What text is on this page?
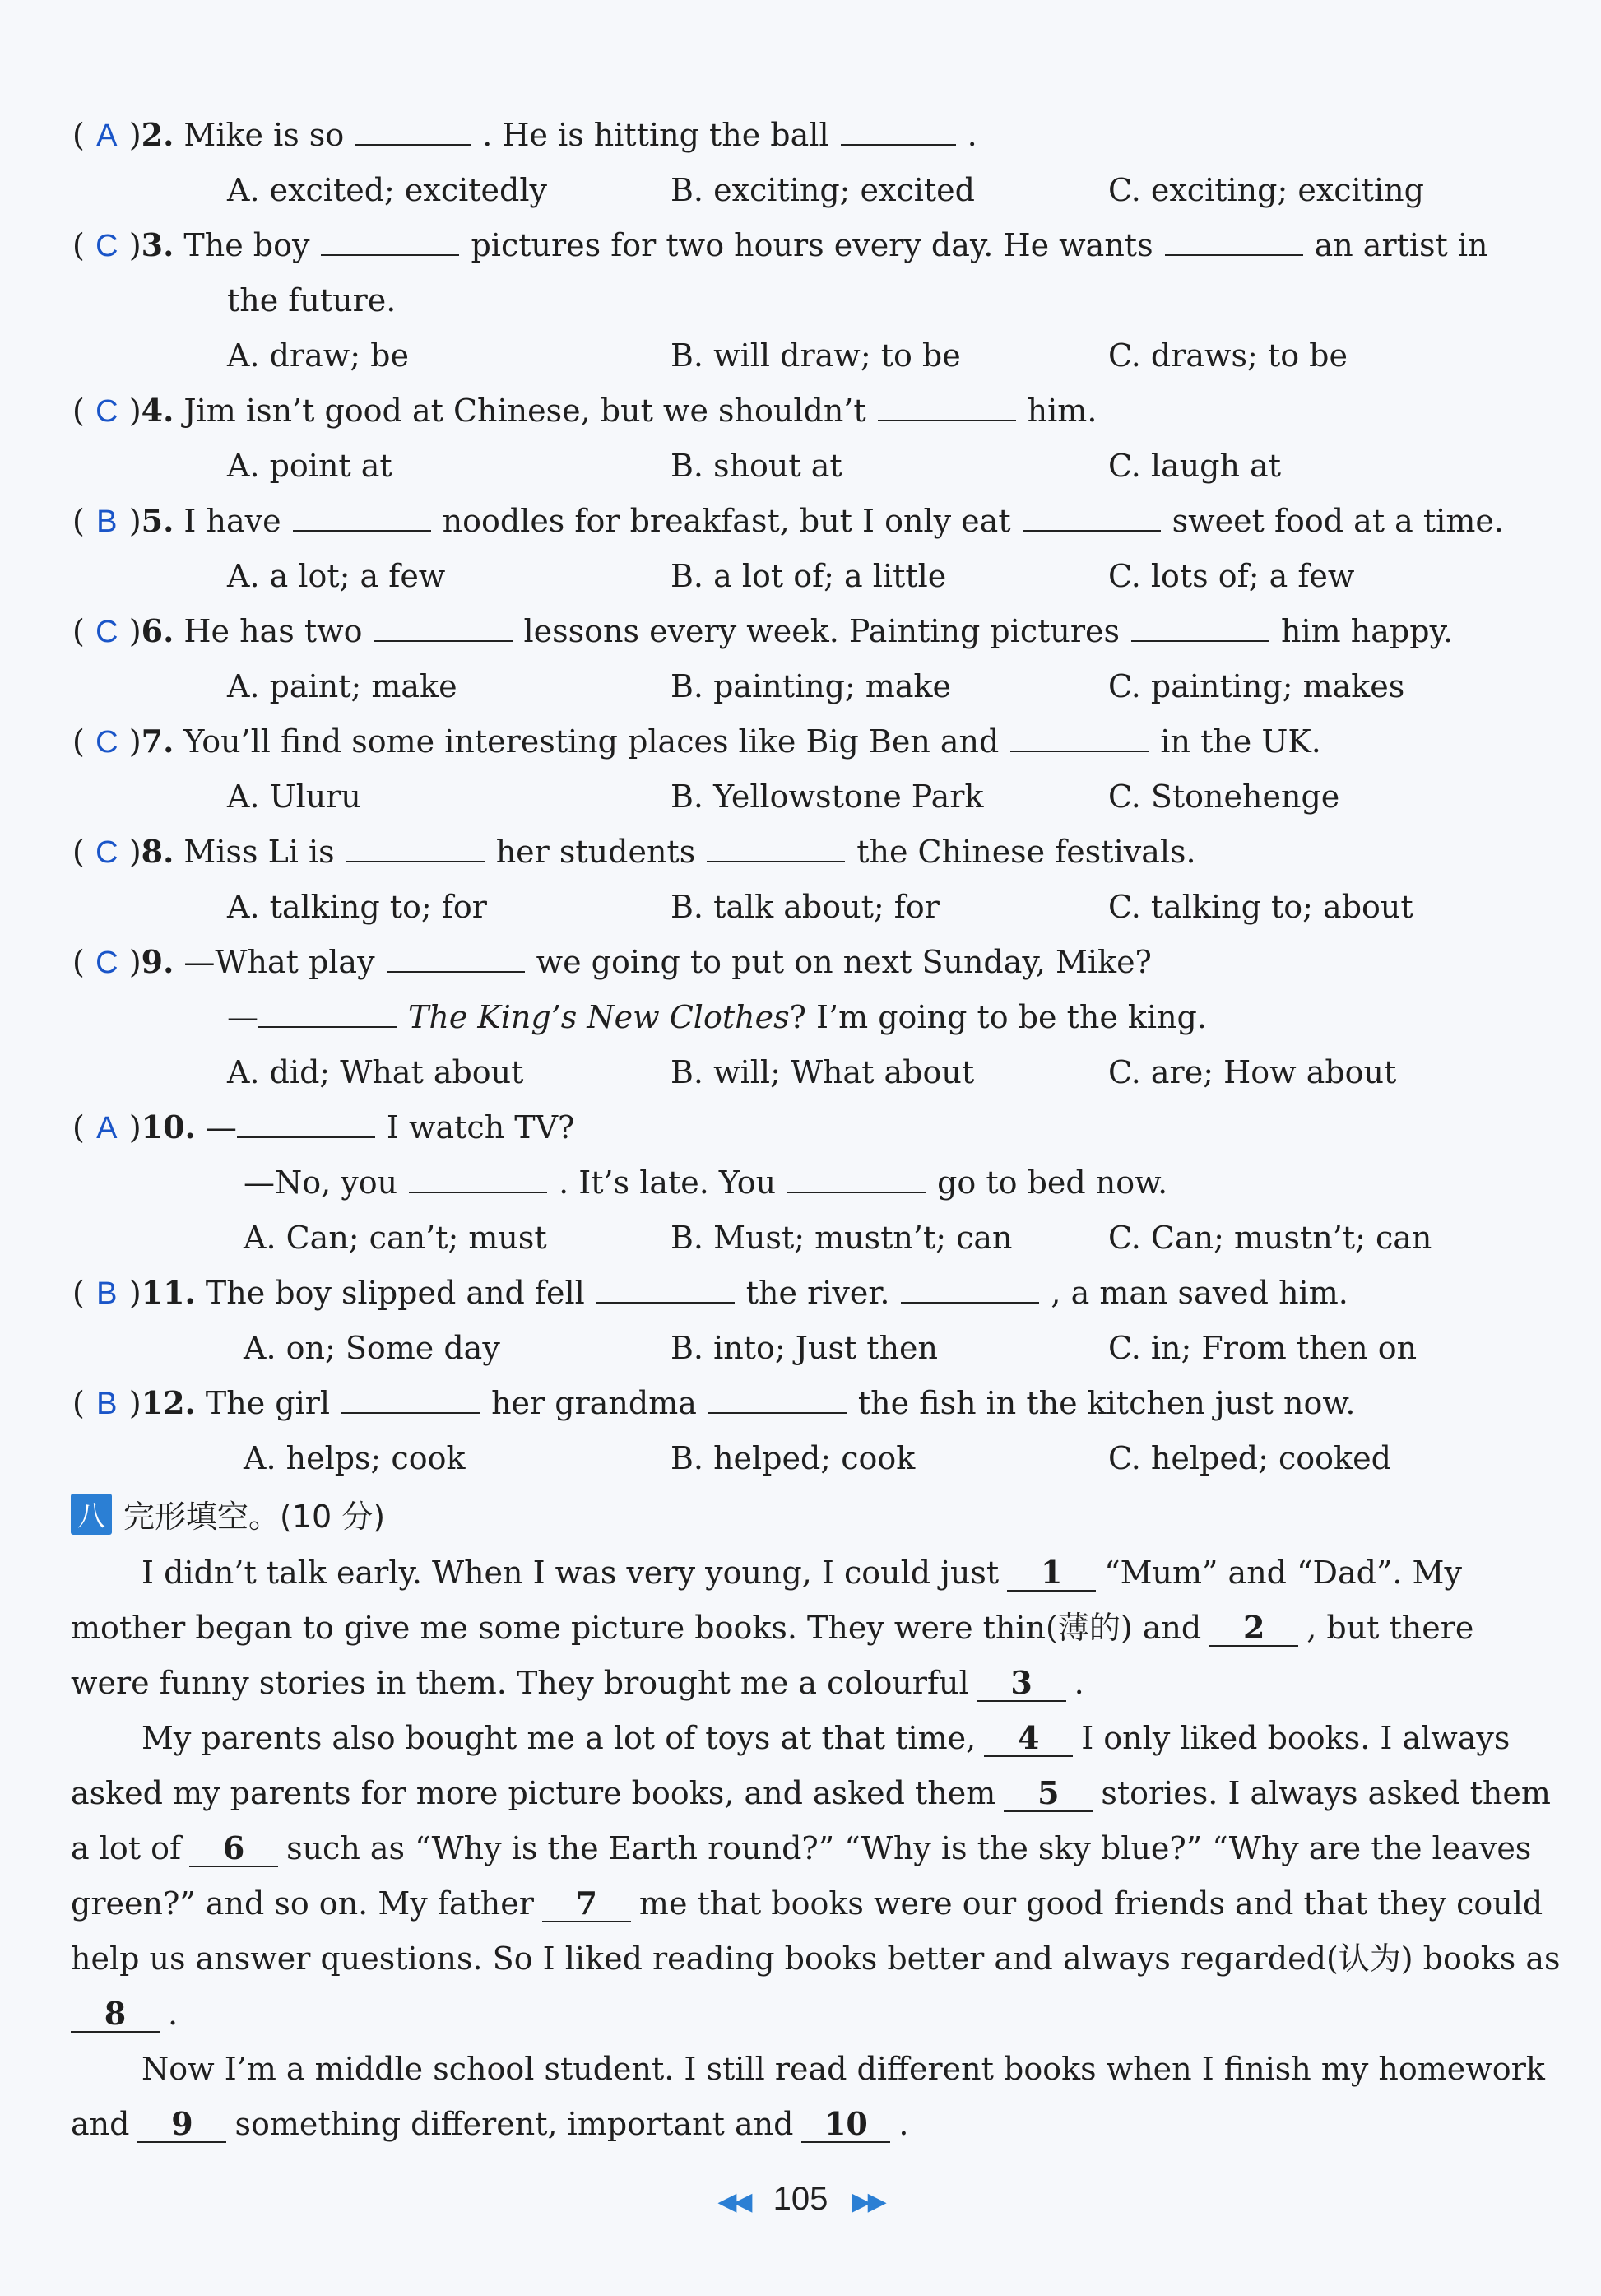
( A )2. Mike is so	. He is hitting the ball	.
A. excited; excitedly	B. exciting; excited	C. exciting; exciting
( C )3. The boy	pictures for two hours every day. He wants	an artist in
the future.
A. draw; be	B. will draw; to be	C. draws; to be
( C )4. Jim isn’t good at Chinese, but we shouldn’t	him.
A. point at	B. shout at	C. laugh at
( B )5. I have	noodles for breakfast, but I only eat	sweet food at a time.
A. a lot; a few	B. a lot of; a little	C. lots of; a few
( C )6. He has two	lessons every week. Painting pictures	him happy.
A. paint; make	B. painting; make	C. painting; makes
( C )7. You’ll find some interesting places like Big Ben and	in the UK.
A. Uluru	B. Yellowstone Park	C. Stonehenge
( C )8. Miss Li is	her students	the Chinese festivals.
A. talking to; for	B. talk about; for	C. talking to; about
( C )9. —What play	we going to put on next Sunday, Mike?
—	The King’s New Clothes? I’m going to be the king.
A. did; What about	B. will; What about	C. are; How about
( A )10. —	I watch TV?
—No, you	. It’s late. You	go to bed now.
A. Can; can’t; must	B. Must; mustn’t; can	C. Can; mustn’t; can
( B )11. The boy slipped and fell	the river.	, a man saved him.
A. on; Some day	B. into; Just then	C. in; From then on
( B )12. The girl	her grandma	the fish in the kitchen just now.
A. helps; cook	B. helped; cook	C. helped; cooked
八 完形填空。(10 分)
I didn’t talk early. When I was very young, I could just 1 “Mum” and “Dad”. My
mother began to give me some picture books. They were thin(薄的) and 2 , but there
were funny stories in them. They brought me a colourful 3 .
My parents also bought me a lot of toys at that time, 4 I only liked books. I always
asked my parents for more picture books, and asked them 5 stories. I always asked them
a lot of 6 such as “Why is the Earth round?” “Why is the sky blue?” “Why are the leaves
green?” and so on. My father 7 me that books were our good friends and that they could
help us answer questions. So I liked reading books better and always regarded(认为) books as
8 .
Now I’m a middle school student. I still read different books when I finish my homework
and 9 something different, important and 10 .
◀◀ 105 ▶▶
